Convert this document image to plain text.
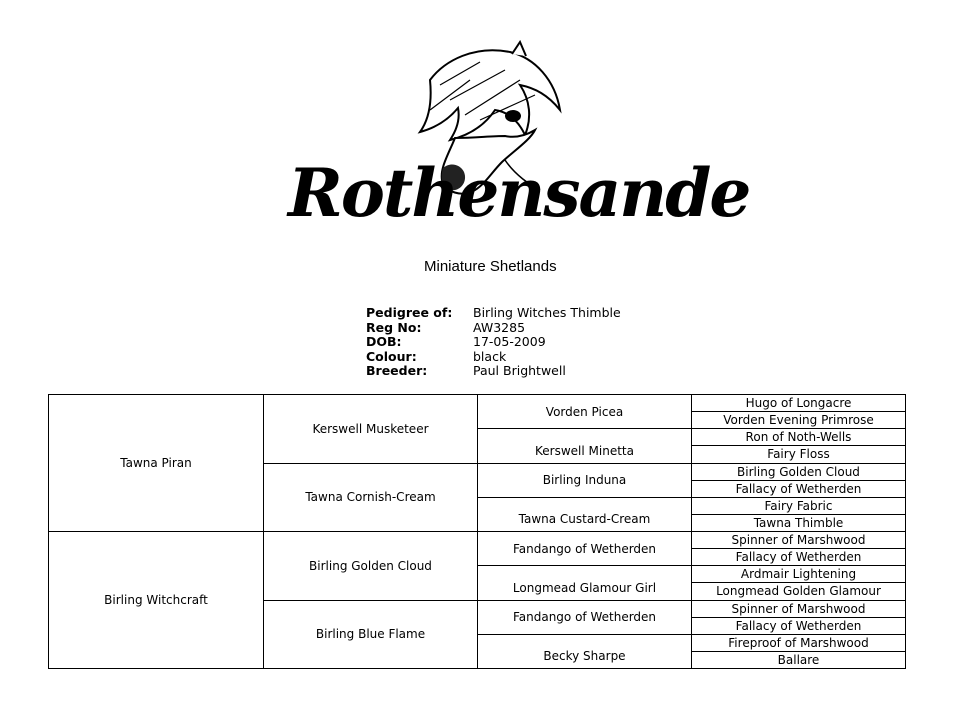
Rothensande
Miniature Shetlands
Pedigree of:	Birling Witches Thimble
Reg No:	AW3285
DOB:	17-05-2009
Colour:	black
Breeder:	Paul Brightwell
Tawna Piran	Kerswell Musketeer	Vorden Picea	Hugo of Longacre
			Vorden Evening Primrose
		Kerswell Minetta	Ron of Noth-Wells
			Fairy Floss
	Tawna Cornish-Cream	Birling Induna	Birling Golden Cloud
			Fallacy of Wetherden
		Tawna Custard-Cream	Fairy Fabric
			Tawna Thimble
Birling Witchcraft	Birling Golden Cloud	Fandango of Wetherden	Spinner of Marshwood
			Fallacy of Wetherden
		Longmead Glamour Girl	Ardmair Lightening
			Longmead Golden Glamour
	Birling Blue Flame	Fandango of Wetherden	Spinner of Marshwood
			Fallacy of Wetherden
		Becky Sharpe	Fireproof of Marshwood
			Ballare
